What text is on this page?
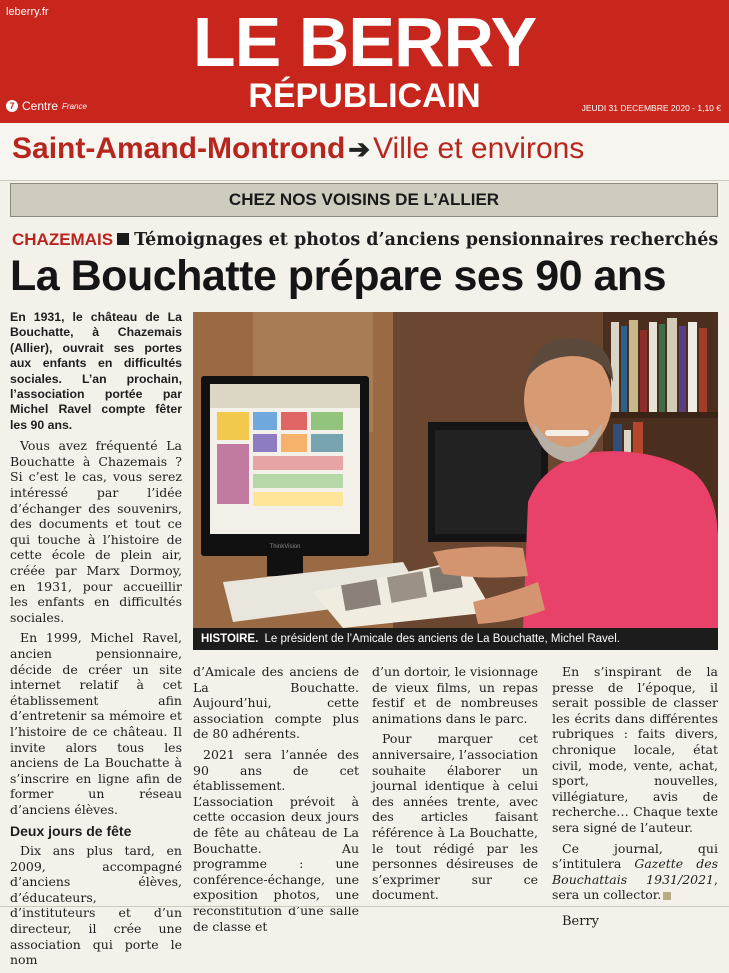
leberry.fr	LE BERRY
RÉPUBLICAIN
7 Centre France	JEUDI 31 DECEMBRE 2020 - 1,10 €
Saint-Amand-Montrond ➔ Ville et environs
CHEZ NOS VOISINS DE L’ALLIER
CHAZEMAIS Témoignages et photos d’anciens pensionnaires recherchés
La Bouchatte prépare ses 90 ans

En 1931, le château de La Bouchatte, à Chazemais (Allier), ouvrait ses portes aux enfants en difficultés sociales. L’an prochain, l’association portée par Michel Ravel compte fêter les 90 ans.

Vous avez fréquenté La Bouchatte à Chazemais ? Si c’est le cas, vous serez intéressé par l’idée d’échanger des souvenirs, des documents et tout ce qui touche à l’histoire de cette école de plein air, créée par Marx Dormoy, en 1931, pour accueillir les enfants en difficultés sociales.

En 1999, Michel Ravel, ancien pensionnaire, décide de créer un site internet relatif à cet établissement afin d’entretenir sa mémoire et l’histoire de ce château. Il invite alors tous les anciens de La Bouchatte à s’inscrire en ligne afin de former un réseau d’anciens élèves.

Deux jours de fête

Dix ans plus tard, en 2009, accompagné d’anciens élèves, d’éducateurs, d’instituteurs et d’un directeur, il crée une association qui porte le nom

ThinkVision
HISTOIRE. Le président de l’Amicale des anciens de La Bouchatte, Michel Ravel.

d’Amicale des anciens de La Bouchatte. Aujourd’hui, cette association compte plus de 80 adhérents.

2021 sera l’année des 90 ans de cet établissement. L’association prévoit à cette occasion deux jours de fête au château de La Bouchatte. Au programme : une conférence-échange, une exposition photos, une reconstitution d’une salle de classe et

d’un dortoir, le visionnage de vieux films, un repas festif et de nombreuses animations dans le parc.

Pour marquer cet anniversaire, l’association souhaite élaborer un journal identique à celui des années trente, avec des articles faisant référence à La Bouchatte, le tout rédigé par les personnes désireuses de s’exprimer sur ce document.

En s’inspirant de la presse de l’époque, il serait possible de classer les écrits dans différentes rubriques : faits divers, chronique locale, état civil, mode, vente, achat, sport, nouvelles, villégiature, avis de recherche… Chaque texte sera signé de l’auteur.

Ce journal, qui s’intitulera Gazette des Bouchattais 1931/2021, sera un collector.

Berry
